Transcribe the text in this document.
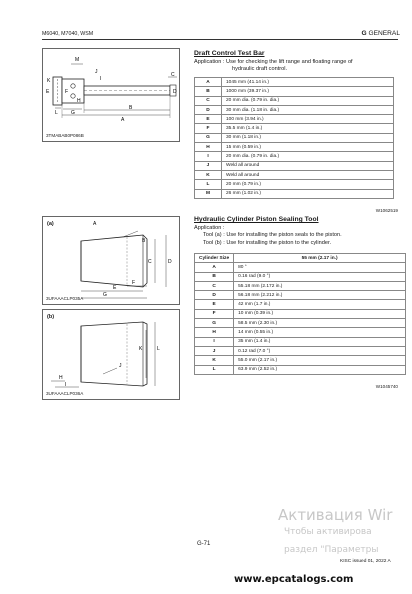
M6040, M7040, WSM	G GENERAL
M
J
I
K
E	F
L	G
H
B
A
C
D
3TMABAB0P086B
Draft Control Test Bar
Application : Use for checking the lift range and floating range of
hydraulic draft control.
A	1045 mm (41.14 in.)
B	1000 mm (39.37 in.)
C	20 mm dia. (0.79 in. dia.)
D	30 mm dia. (1.18 in. dia.)
E	100 mm (3.94 in.)
F	35.5 mm (1.4 in.)
G	30 mm (1.18 in.)
H	15 mm (0.59 in.)
I	20 mm dia. (0.79 in. dia.)
J	Weld all around
K	Weld all around
L	20 mm (0.79 in.)
M	26 mm (1.02 in.)
W1062519
(a)	A
B
C	D
E
F
G
3UFAAACLP035A
(b)
K	L
J
H
I
3UFAAACLP036A
Hydraulic Cylinder Piston Sealing Tool
Application :
Tool (a) : Use for installing the piston seals to the piston.
Tool (b) : Use for installing the piston to the cylinder.
Cylinder Size	55 mm (2.17 in.)
A	80 °
B	0.16 rad (9.0 °)
C	55.18 mm (2.172 in.)
D	56.18 mm (2.212 in.)
E	42 mm (1.7 in.)
F	10 mm (0.39 in.)
G	58.5 mm (2.30 in.)
H	14 mm (0.55 in.)
I	35 mm (1.4 in.)
J	0.12 rad (7.0 °)
K	55.0 mm (2.17 in.)
L	63.9 mm (2.52 in.)
W1045740
G-71
KISC issued 01, 2022 A
Активация Wir
Чтобы активирова
раздел "Параметры
www.epcatalogs.com
